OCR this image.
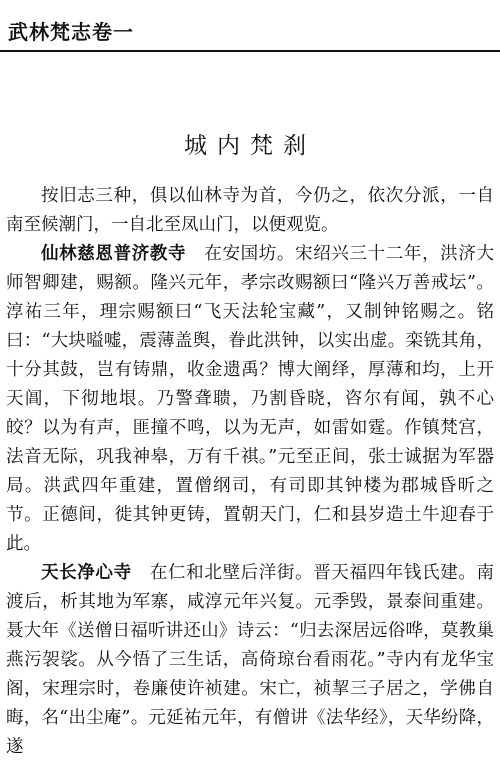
武林梵志卷一
城内梵刹

按旧志三种，俱以仙林寺为首，今仍之，依次分派，一自南至候潮门，一自北至凤山门，以便观览。

仙林慈恩普济教寺　 在安国坊。宋绍兴三十二年，洪济大师智卿建，赐额。隆兴元年，孝宗改赐额曰“隆兴万善戒坛”。淳祐三年，理宗赐额曰“飞天法轮宝藏”，又制钟铭赐之。铭曰：“大块嗌嘘，震薄盖舆，眷此洪钟，以实出虚。栾铣其角，十分其鼓，岂有铸鼎，收金遗禹？博大阐绎，厚薄和均，上开天阊，下彻地垠。乃警聋聩，乃割昏晓，咨尔有闻，孰不心皎？以为有声，匪撞不鸣，以为无声，如雷如霆。作镇梵宫，法音无际，巩我神皋，万有千祺。”元至正间，张士诚据为军器局。洪武四年重建，置僧纲司，有司即其钟楼为郡城昏昕之节。正德间，徙其钟更铸，置朝天门，仁和县岁造土牛迎春于此。

天长净心寺　 在仁和北壁后洋街。晋天福四年钱氏建。南渡后，析其地为军寨，咸淳元年兴复。元季毁，景泰间重建。聂大年《送僧日福听讲还山》诗云：“归去深居远俗哗，莫教巢燕污袈裟。从今悟了三生话，高倚琼台看雨花。”寺内有龙华宝阁，宋理宗时，卷廉使许祯建。宋亡，祯挈三子居之，学佛自晦，名“出尘庵”。元延祐元年，有僧讲《法华经》，天华纷降，遂
